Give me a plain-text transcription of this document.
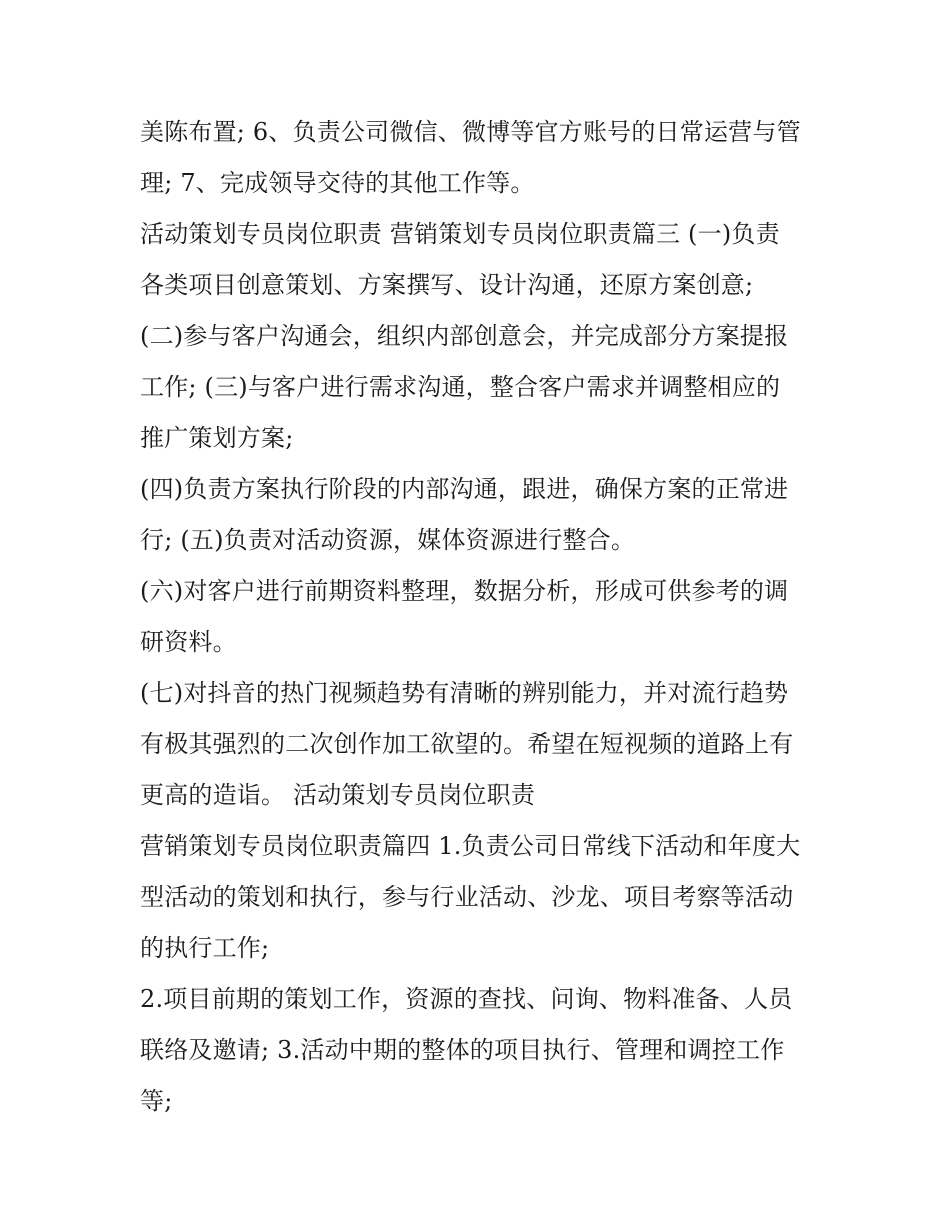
美陈布置; 6、负责公司微信、微博等官方账号的日常运营与管
理; 7、完成领导交待的其他工作等。
活动策划专员岗位职责 营销策划专员岗位职责篇三 (一)负责
各类项目创意策划、方案撰写、设计沟通，还原方案创意;
(二)参与客户沟通会，组织内部创意会，并完成部分方案提报
工作; (三)与客户进行需求沟通，整合客户需求并调整相应的
推广策划方案;
(四)负责方案执行阶段的内部沟通，跟进，确保方案的正常进
行; (五)负责对活动资源，媒体资源进行整合。
(六)对客户进行前期资料整理，数据分析，形成可供参考的调
研资料。
(七)对抖音的热门视频趋势有清晰的辨别能力，并对流行趋势
有极其强烈的二次创作加工欲望的。希望在短视频的道路上有
更高的造诣。 活动策划专员岗位职责
营销策划专员岗位职责篇四 1.负责公司日常线下活动和年度大
型活动的策划和执行，参与行业活动、沙龙、项目考察等活动
的执行工作;
2.项目前期的策划工作，资源的查找、问询、物料准备、人员
联络及邀请; 3.活动中期的整体的项目执行、管理和调控工作
等;
